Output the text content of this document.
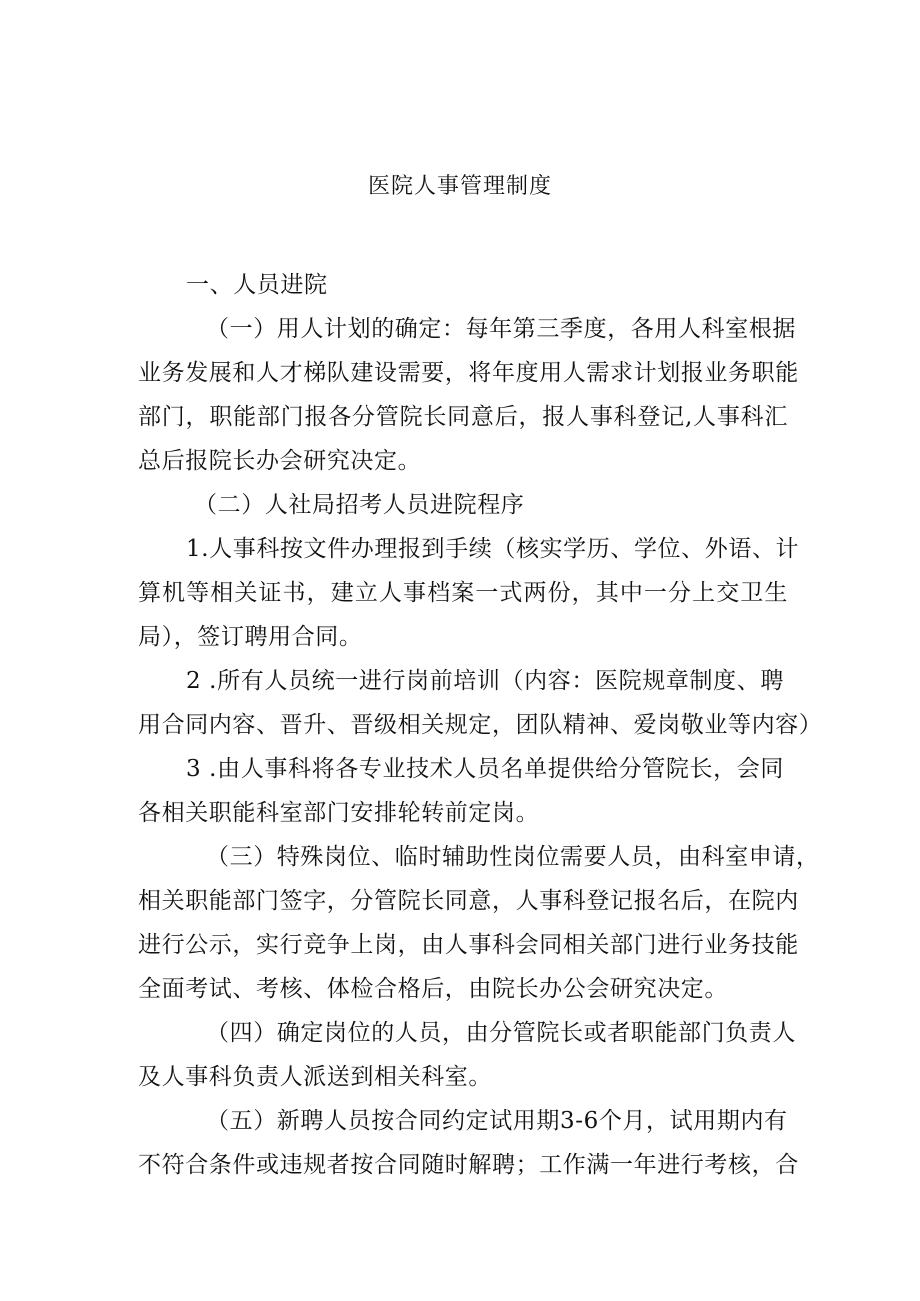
医院人事管理制度
一、人员进院
（一）用人计划的确定：每年第三季度，各用人科室根据
业务发展和人才梯队建设需要，将年度用人需求计划报业务职能
部门，职能部门报各分管院长同意后，报人事科登记,人事科汇
总后报院长办会研究决定。
（二）人社局招考人员进院程序
1.人事科按文件办理报到手续（核实学历、学位、外语、计
算机等相关证书，建立人事档案一式两份，其中一分上交卫生
局），签订聘用合同。
2 .所有人员统一进行岗前培训（内容：医院规章制度、聘
用合同内容、晋升、晋级相关规定，团队精神、爱岗敬业等内容）
3 .由人事科将各专业技术人员名单提供给分管院长，会同
各相关职能科室部门安排轮转前定岗。
（三）特殊岗位、临时辅助性岗位需要人员，由科室申请，
相关职能部门签字，分管院长同意，人事科登记报名后，在院内
进行公示，实行竞争上岗，由人事科会同相关部门进行业务技能
全面考试、考核、体检合格后，由院长办公会研究决定。
（四）确定岗位的人员，由分管院长或者职能部门负责人
及人事科负责人派送到相关科室。
（五）新聘人员按合同约定试用期3-6个月，试用期内有
不符合条件或违规者按合同随时解聘；工作满一年进行考核，合
